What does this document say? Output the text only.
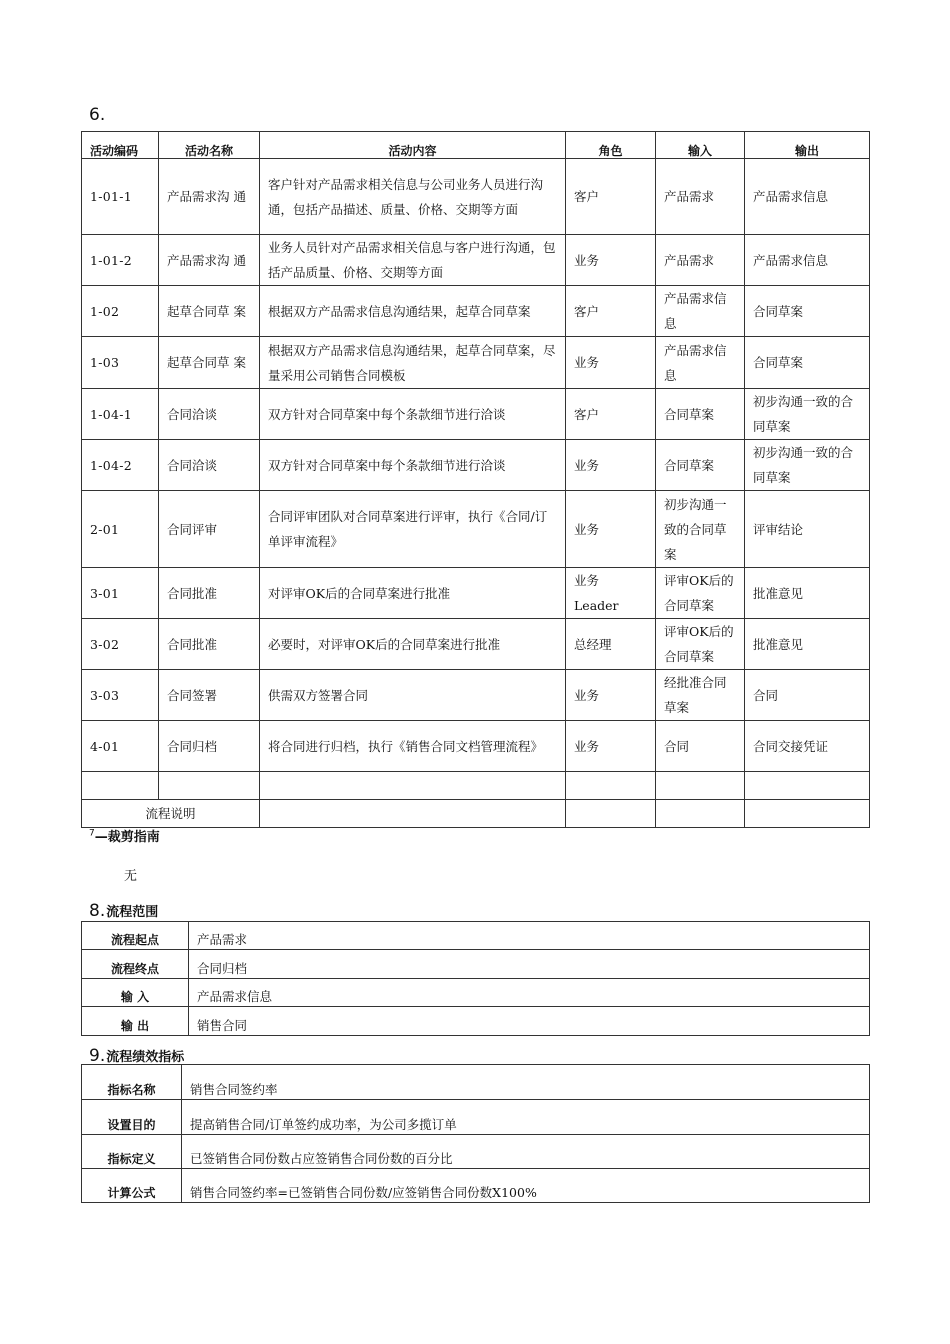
6.
活动编码	活动名称	活动内容	角色	输入	输出
1-01-1	产品需求沟 通	客户针对产品需求相关信息与公司业务人员进行沟通，包括产品描述、质量、价格、交期等方面	客户	产品需求	产品需求信息
1-01-2	产品需求沟 通	业务人员针对产品需求相关信息与客户进行沟通，包括产品质量、价格、交期等方面	业务	产品需求	产品需求信息
1-02	起草合同草 案	根据双方产品需求信息沟通结果，起草合同草案	客户	产品需求信息	合同草案
1-03	起草合同草 案	根据双方产品需求信息沟通结果，起草合同草案，尽量采用公司销售合同模板	业务	产品需求信息	合同草案
1-04-1	合同洽谈	双方针对合同草案中每个条款细节进行洽谈	客户	合同草案	初步沟通一致的合同草案
1-04-2	合同洽谈	双方针对合同草案中每个条款细节进行洽谈	业务	合同草案	初步沟通一致的合同草案
2-01	合同评审	合同评审团队对合同草案进行评审，执行《合同/订单评审流程》	业务	初步沟通一致的合同草案	评审结论
3-01	合同批准	对评审OK后的合同草案进行批准	业务 Leader	评审OK后的合同草案	批准意见
3-02	合同批准	必要时，对评审OK后的合同草案进行批准	总经理	评审OK后的合同草案	批准意见
3-03	合同签署	供需双方签署合同	业务	经批准合同草案	合同
4-01	合同归档	将合同进行归档，执行《销售合同文档管理流程》	业务	合同	合同交接凭证

流程说明					
$^7$—裁剪指南
无
8.流程范围
流程起点	产品需求
流程终点	合同归档
输 入	产品需求信息
输 出	销售合同
9.流程绩效指标
指标名称	销售合同签约率
设置目的	提高销售合同/订单签约成功率，为公司多揽订单
指标定义	已签销售合同份数占应签销售合同份数的百分比
计算公式	销售合同签约率=已签销售合同份数/应签销售合同份数X100%
